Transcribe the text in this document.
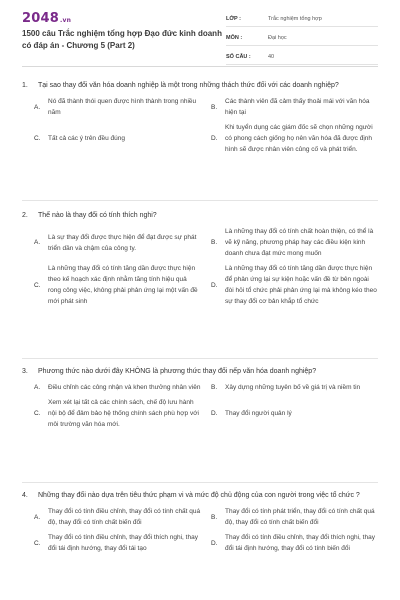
2048.vn
1500 câu Trắc nghiệm tổng hợp Đạo đức kinh doanh có đáp án - Chương 5 (Part 2)
LỚP :	Trắc nghiệm tổng hợp
MÔN :	Đại học
SỐ CÂU :	40
1.	Tại sao thay đổi văn hóa doanh nghiệp là một trong những thách thức đối với các doanh nghiệp?
A.
Nó đã thành thói quen được hình thành trong nhiều năm
B.
Các thành viên đã cảm thấy thoải mái với văn hóa hiện tại
C.	Tất cả các ý trên đều đúng	D.
Khi tuyển dụng các giám đốc sẽ chọn những người có phong cách giống họ nên văn hóa đã được định hình sẽ được nhân viên củng cố và phát triển.
2.	Thế nào là thay đổi có tính thích nghi?
A.
Là sự thay đổi được thực hiện để đạt được sự phát triển dần và chậm của công ty.
B.
Là những thay đổi có tính chất hoàn thiện, có thể là vẽ kỹ năng, phương pháp hay các điều kiện kinh doanh chưa đạt mức mong muốn
C.
Là những thay đổi có tính tăng dần được thực hiện theo kế hoạch xác định nhằm tăng tính hiệu quả rong công việc, không phải phản ứng lại một vấn đề mới phát sinh
D.
Là những thay đổi có tính tăng dần được thực hiện để phản ứng lại sự kiện hoặc vấn đề từ bên ngoài đòi hỏi tổ chức phải phản ứng lại mà không kéo theo sự thay đổi cơ bản khắp tổ chức
3.	Phương thức nào dưới đây KHÔNG là phương thức thay đổi nếp văn hóa doanh nghiệp?
A.	Điều chỉnh các công nhận và khen thưởng nhân viên B.	Xây dựng những tuyên bố về giá trị và niềm tin
C.
Xem xét lại tất cả các chính sách, chế độ lưu hành nội bộ để đảm bảo hệ thống chính sách phù hợp với môi trường văn hóa mới.
D.	Thay đổi người quản lý
4.	Những thay đổi nào dựa trên tiêu thức phạm vi và mức độ chủ động của con người trong việc tổ chức ?
A.
Thay đổi có tính điều chỉnh, thay đổi có tính chất quá độ, thay đổi có tính chất biến đổi
B.
Thay đổi có tính phát triển, thay đổi có tính chất quá độ, thay đổi có tính chất biến đổi
C.
Thay đổi có tính điều chỉnh, thay đổi thích nghi, thay đổi tái định hướng, thay đổi tái tạo
D.
Thay đổi có tính điều chỉnh, thay đổi thích nghi, thay đổi tái định hướng, thay đổi có tính biến đổi
